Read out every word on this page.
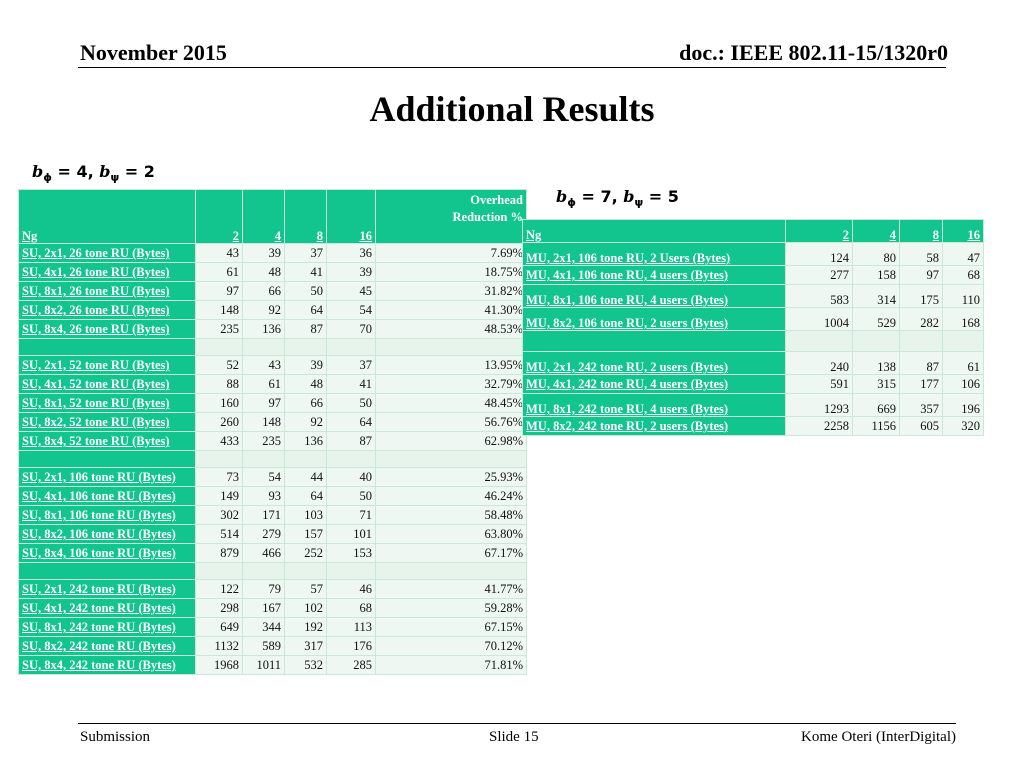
November 2015	doc.: IEEE 802.11-15/1320r0
Additional Results
$b_\phi = 4$, $b_\psi = 2$
$b_\phi = 7$, $b_\psi = 5$
Ng	2	4	8	16	Overhead
Reduction %

SU, 2x1, 26 tone RU (Bytes)	43	39	37	36	7.69%
SU, 4x1, 26 tone RU (Bytes)	61	48	41	39	18.75%
SU, 8x1, 26 tone RU (Bytes)	97	66	50	45	31.82%
SU, 8x2, 26 tone RU (Bytes)	148	92	64	54	41.30%
SU, 8x4, 26 tone RU (Bytes)	235	136	87	70	48.53%

SU, 2x1, 52 tone RU (Bytes)	52	43	39	37	13.95%
SU, 4x1, 52 tone RU (Bytes)	88	61	48	41	32.79%
SU, 8x1, 52 tone RU (Bytes)	160	97	66	50	48.45%
SU, 8x2, 52 tone RU (Bytes)	260	148	92	64	56.76%
SU, 8x4, 52 tone RU (Bytes)	433	235	136	87	62.98%

SU, 2x1, 106 tone RU (Bytes)	73	54	44	40	25.93%
SU, 4x1, 106 tone RU (Bytes)	149	93	64	50	46.24%
SU, 8x1, 106 tone RU (Bytes)	302	171	103	71	58.48%
SU, 8x2, 106 tone RU (Bytes)	514	279	157	101	63.80%
SU, 8x4, 106 tone RU (Bytes)	879	466	252	153	67.17%

SU, 2x1, 242 tone RU (Bytes)	122	79	57	46	41.77%
SU, 4x1, 242 tone RU (Bytes)	298	167	102	68	59.28%
SU, 8x1, 242 tone RU (Bytes)	649	344	192	113	67.15%
SU, 8x2, 242 tone RU (Bytes)	1132	589	317	176	70.12%
SU, 8x4, 242 tone RU (Bytes)	1968	1011	532	285	71.81%
Ng	2	4	8	16
MU, 2x1, 106 tone RU, 2 Users (Bytes)	124	80	58	47
MU, 4x1, 106 tone RU, 4 users (Bytes)	277	158	97	68
MU, 8x1, 106 tone RU, 4 users (Bytes)	583	314	175	110
MU, 8x2, 106 tone RU, 2 users (Bytes)	1004	529	282	168

MU, 2x1, 242 tone RU, 2 users (Bytes)	240	138	87	61
MU, 4x1, 242 tone RU, 4 users (Bytes)	591	315	177	106
MU, 8x1, 242 tone RU, 4 users (Bytes)	1293	669	357	196
MU, 8x2, 242 tone RU, 2 users (Bytes)	2258	1156	605	320
Submission	Slide 15	Kome Oteri (InterDigital)
